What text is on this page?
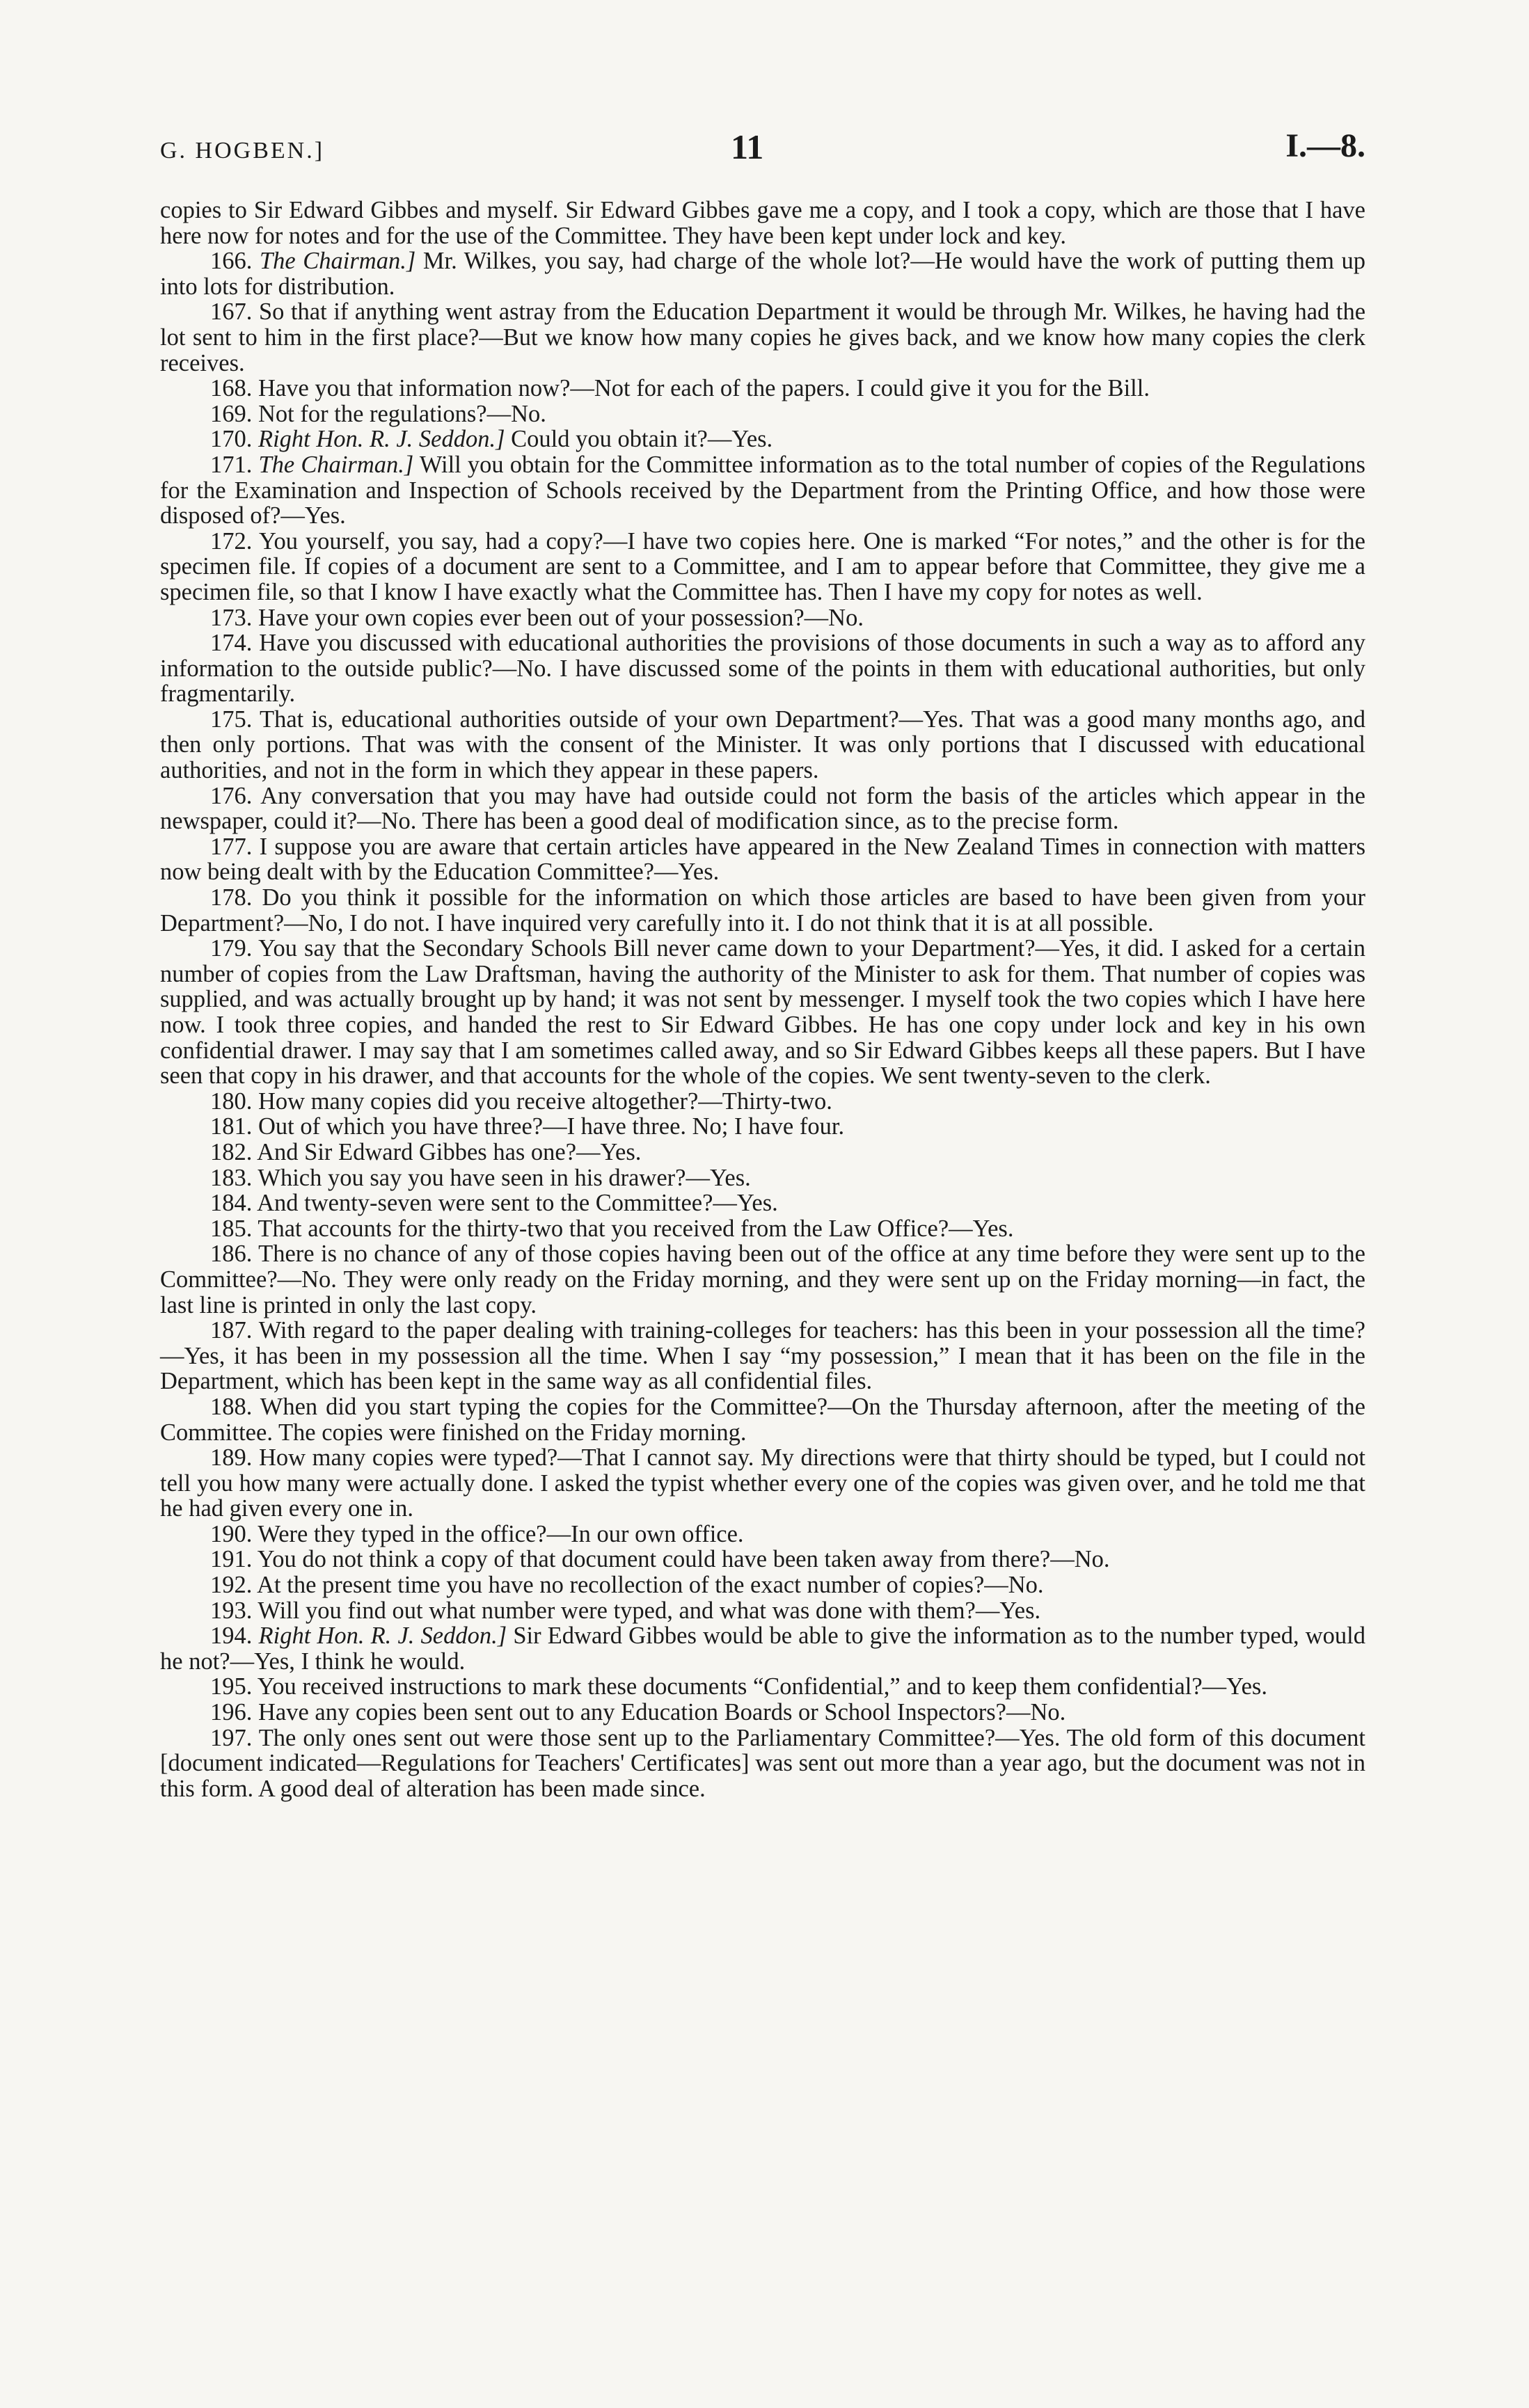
G. HOGBEN.]	11	I.—8.

copies to Sir Edward Gibbes and myself. Sir Edward Gibbes gave me a copy, and I took a copy, which are those that I have here now for notes and for the use of the Committee. They have been kept under lock and key.

166. The Chairman.] Mr. Wilkes, you say, had charge of the whole lot?—He would have the work of putting them up into lots for distribution.

167. So that if anything went astray from the Education Department it would be through Mr. Wilkes, he having had the lot sent to him in the first place?—But we know how many copies he gives back, and we know how many copies the clerk receives.

168. Have you that information now?—Not for each of the papers. I could give it you for the Bill.

169. Not for the regulations?—No.

170. Right Hon. R. J. Seddon.] Could you obtain it?—Yes.

171. The Chairman.] Will you obtain for the Committee information as to the total number of copies of the Regulations for the Examination and Inspection of Schools received by the Department from the Printing Office, and how those were disposed of?—Yes.

172. You yourself, you say, had a copy?—I have two copies here. One is marked “For notes,” and the other is for the specimen file. If copies of a document are sent to a Committee, and I am to appear before that Committee, they give me a specimen file, so that I know I have exactly what the Committee has. Then I have my copy for notes as well.

173. Have your own copies ever been out of your possession?—No.

174. Have you discussed with educational authorities the provisions of those documents in such a way as to afford any information to the outside public?—No. I have discussed some of the points in them with educational authorities, but only fragmentarily.

175. That is, educational authorities outside of your own Department?—Yes. That was a good many months ago, and then only portions. That was with the consent of the Minister. It was only portions that I discussed with educational authorities, and not in the form in which they appear in these papers.

176. Any conversation that you may have had outside could not form the basis of the articles which appear in the newspaper, could it?—No. There has been a good deal of modification since, as to the precise form.

177. I suppose you are aware that certain articles have appeared in the New Zealand Times in connection with matters now being dealt with by the Education Committee?—Yes.

178. Do you think it possible for the information on which those articles are based to have been given from your Department?—No, I do not. I have inquired very carefully into it. I do not think that it is at all possible.

179. You say that the Secondary Schools Bill never came down to your Department?—Yes, it did. I asked for a certain number of copies from the Law Draftsman, having the authority of the Minister to ask for them. That number of copies was supplied, and was actually brought up by hand; it was not sent by messenger. I myself took the two copies which I have here now. I took three copies, and handed the rest to Sir Edward Gibbes. He has one copy under lock and key in his own confidential drawer. I may say that I am sometimes called away, and so Sir Edward Gibbes keeps all these papers. But I have seen that copy in his drawer, and that accounts for the whole of the copies. We sent twenty-seven to the clerk.

180. How many copies did you receive altogether?—Thirty-two.

181. Out of which you have three?—I have three. No; I have four.

182. And Sir Edward Gibbes has one?—Yes.

183. Which you say you have seen in his drawer?—Yes.

184. And twenty-seven were sent to the Committee?—Yes.

185. That accounts for the thirty-two that you received from the Law Office?—Yes.

186. There is no chance of any of those copies having been out of the office at any time before they were sent up to the Committee?—No. They were only ready on the Friday morning, and they were sent up on the Friday morning—in fact, the last line is printed in only the last copy.

187. With regard to the paper dealing with training-colleges for teachers: has this been in your possession all the time?—Yes, it has been in my possession all the time. When I say “my possession,” I mean that it has been on the file in the Department, which has been kept in the same way as all confidential files.

188. When did you start typing the copies for the Committee?—On the Thursday afternoon, after the meeting of the Committee. The copies were finished on the Friday morning.

189. How many copies were typed?—That I cannot say. My directions were that thirty should be typed, but I could not tell you how many were actually done. I asked the typist whether every one of the copies was given over, and he told me that he had given every one in.

190. Were they typed in the office?—In our own office.

191. You do not think a copy of that document could have been taken away from there?—No.

192. At the present time you have no recollection of the exact number of copies?—No.

193. Will you find out what number were typed, and what was done with them?—Yes.

194. Right Hon. R. J. Seddon.] Sir Edward Gibbes would be able to give the information as to the number typed, would he not?—Yes, I think he would.

195. You received instructions to mark these documents “Confidential,” and to keep them confidential?—Yes.

196. Have any copies been sent out to any Education Boards or School Inspectors?—No.

197. The only ones sent out were those sent up to the Parliamentary Committee?—Yes. The old form of this document [document indicated—Regulations for Teachers' Certificates] was sent out more than a year ago, but the document was not in this form. A good deal of alteration has been made since.
